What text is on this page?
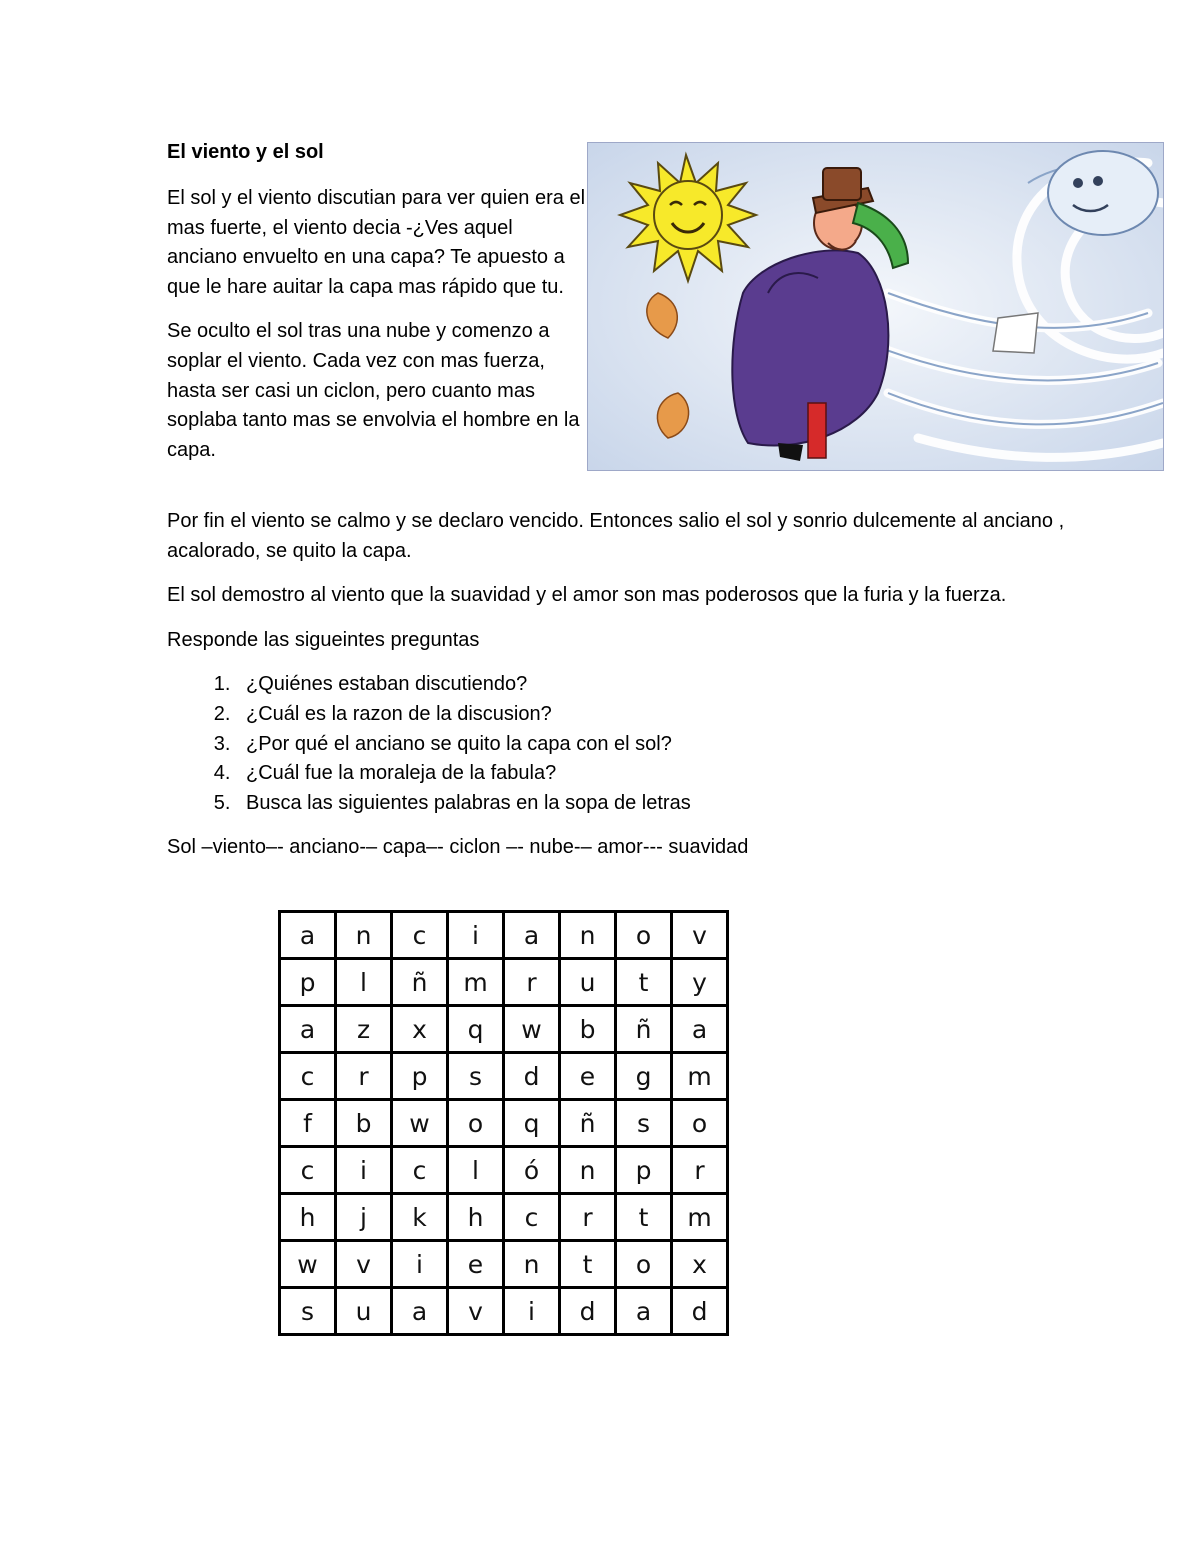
El viento y el sol

El sol y el viento discutian para ver quien era el mas fuerte, el viento decia -¿Ves aquel anciano envuelto en una capa? Te apuesto a que le hare auitar la capa mas rápido que tu.

Se oculto el sol tras una nube y comenzo a soplar el viento. Cada vez con mas fuerza, hasta ser casi un ciclon, pero cuanto mas soplaba tanto mas se envolvia el hombre en la capa.

Por fin el viento se calmo y se declaro vencido. Entonces salio el sol y sonrio dulcemente al anciano , acalorado, se quito la capa.

El sol demostro al viento que la suavidad y el amor son mas poderosos que la furia y la fuerza.

Responde las sigueintes preguntas

1. ¿Quiénes estaban discutiendo?
2. ¿Cuál es la razon de la discusion?
3. ¿Por qué el anciano se quito la capa con el sol?
4. ¿Cuál fue la moraleja de la fabula?
5. Busca las siguientes palabras en la sopa de letras

Sol –viento–- anciano-– capa–- ciclon –- nube-– amor--- suavidad

a	n	c	i	a	n	o	v
p	l	ñ	m	r	u	t	y
a	z	x	q	w	b	ñ	a
c	r	p	s	d	e	g	m
f	b	w	o	q	ñ	s	o
c	i	c	l	ó	n	p	r
h	j	k	h	c	r	t	m
w	v	i	e	n	t	o	x
s	u	a	v	i	d	a	d
